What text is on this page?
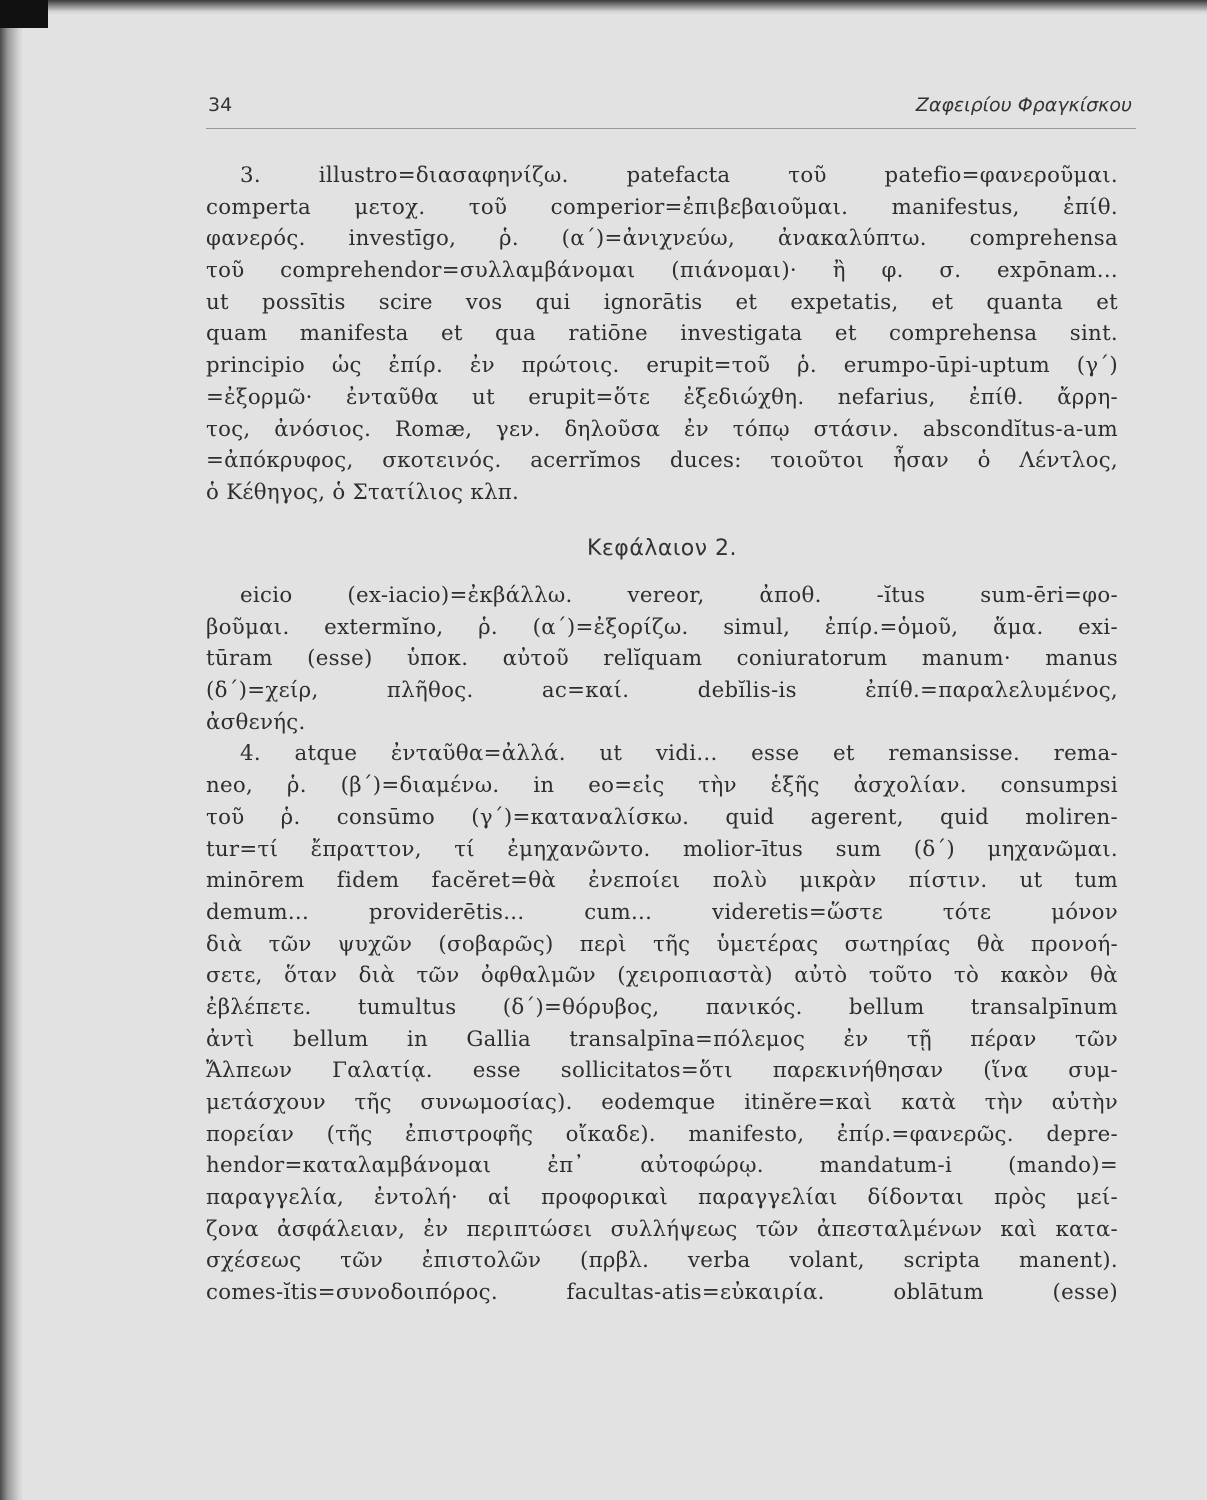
34	Ζαφειρίου Φραγκίσκου
3. illustro=διασαφηνίζω. patefacta τοῦ patefio=φανεροῦμαι.
comperta μετοχ. τοῦ comperior=ἐπιβεβαιοῦμαι. manifestus, ἐπίθ.
φανερός. investīgo, ῥ. (α΄)=ἀνιχνεύω, ἀνακαλύπτω. comprehensa
τοῦ comprehendor=συλλαμβάνομαι (πιάνομαι)· ἢ φ. σ. expōnam...
ut possītis scire vos qui ignorātis et expetatis, et quanta et
quam manifesta et qua ratiōne investigata et comprehensa sint.
principio ὡς ἐπίρ. ἐν πρώτοις. erupit=τοῦ ῥ. erumpo-ūpi-uptum (γ΄)
=ἐξορμῶ· ἐνταῦθα ut erupit=ὅτε ἐξεδιώχθη. nefarius, ἐπίθ. ἄρρη-
τος, ἀνόσιος. Romæ, γεν. δηλοῦσα ἐν τόπῳ στάσιν. abscondĭtus-a-um
=ἀπόκρυφος, σκοτεινός. acerrĭmos duces: τοιοῦτοι ἦσαν ὁ Λέντλος,
ὁ Κέθηγος, ὁ Στατίλιος κλπ.
Κεφάλαιον 2.
eicio (ex-iacio)=ἐκβάλλω. vereor, ἀποθ. -ĭtus sum-ēri=φο-
βοῦμαι. extermĭno, ῥ. (α΄)=ἐξορίζω. simul, ἐπίρ.=ὁμοῦ, ἅμα. exi-
tūram (esse) ὑποκ. αὐτοῦ relĭquam coniuratorum manum· manus
(δ΄)=χείρ, πλῆθος. ac=καί. debĭlis-is ἐπίθ.=παραλελυμένος,
ἀσθενής.
4. atque ἐνταῦθα=ἀλλά. ut vidi... esse et remansisse. rema-
neo, ῥ. (β΄)=διαμένω. in eo=εἰς τὴν ἑξῆς ἀσχολίαν. consumpsi
τοῦ ῥ. consūmo (γ΄)=καταναλίσκω. quid agerent, quid moliren-
tur=τί ἔπραττον, τί ἐμηχανῶντο. molior-ītus sum (δ΄) μηχανῶμαι.
minōrem fidem facĕret=θὰ ἐνεποίει πολὺ μικρὰν πίστιν. ut tum
demum... providerētis... cum... videretis=ὥστε τότε μόνον
διὰ τῶν ψυχῶν (σοβαρῶς) περὶ τῆς ὑμετέρας σωτηρίας θὰ προνοή-
σετε, ὅταν διὰ τῶν ὀφθαλμῶν (χειροπιαστὰ) αὐτὸ τοῦτο τὸ κακὸν θὰ
ἐβλέπετε. tumultus (δ΄)=θόρυβος, πανικός. bellum transalpīnum
ἀντὶ bellum in Gallia transalpīna=πόλεμος ἐν τῇ πέραν τῶν
Ἄλπεων Γαλατίᾳ. esse sollicitatos=ὅτι παρεκινήθησαν (ἵνα συμ-
μετάσχουν τῆς συνωμοσίας). eodemque itinĕre=καὶ κατὰ τὴν αὐτὴν
πορείαν (τῆς ἐπιστροφῆς οἴκαδε). manifesto, ἐπίρ.=φανερῶς. depre-
hendor=καταλαμβάνομαι ἐπ᾽ αὐτοφώρῳ. mandatum-i (mando)=
παραγγελία, ἐντολή· αἱ προφορικαὶ παραγγελίαι δίδονται πρὸς μεί-
ζονα ἀσφάλειαν, ἐν περιπτώσει συλλήψεως τῶν ἀπεσταλμένων καὶ κατα-
σχέσεως τῶν ἐπιστολῶν (πρβλ. verba volant, scripta manent).
comes-ĭtis=συνοδοιπόρος. facultas-atis=εὐκαιρία. oblātum (esse)
